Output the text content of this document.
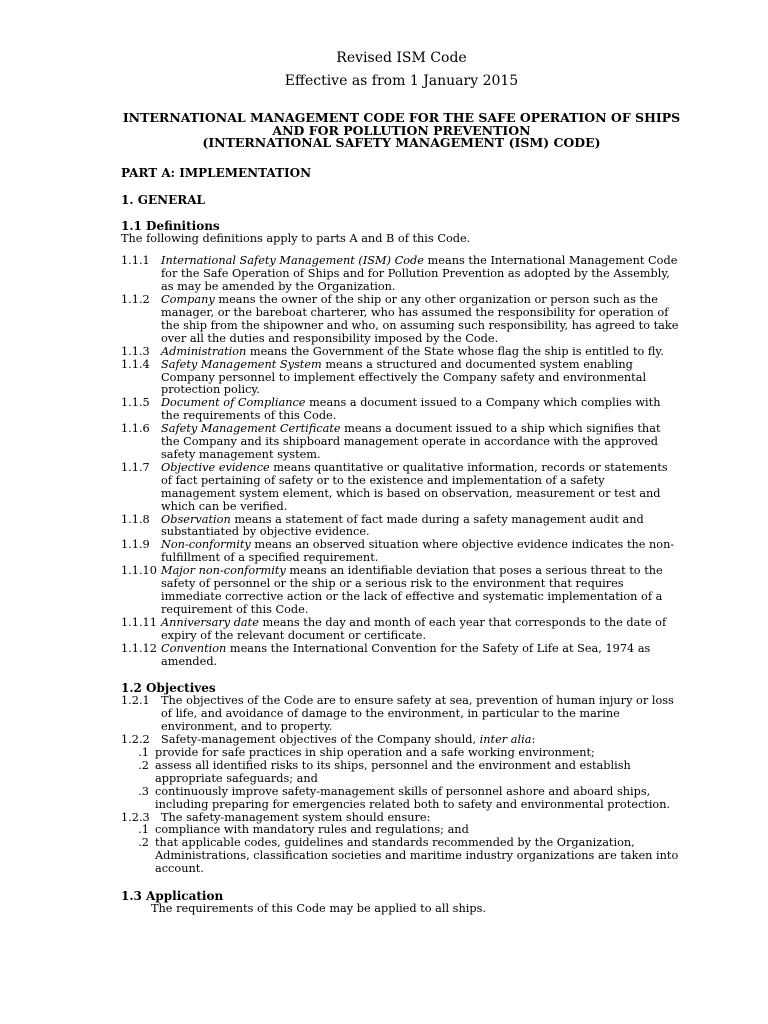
Revised ISM Code
Effective as from 1 January 2015
INTERNATIONAL MANAGEMENT CODE FOR THE SAFE OPERATION OF SHIPS
AND FOR POLLUTION PREVENTION
(INTERNATIONAL SAFETY MANAGEMENT (ISM) CODE)
PART A: IMPLEMENTATION
1. GENERAL
1.1 Definitions
The following definitions apply to parts A and B of this Code.
1.1.1 International Safety Management (ISM) Code means the International Management Code for the Safe Operation of Ships and for Pollution Prevention as adopted by the Assembly, as may be amended by the Organization.
1.1.2 Company means the owner of the ship or any other organization or person such as the manager, or the bareboat charterer, who has assumed the responsibility for operation of the ship from the shipowner and who, on assuming such responsibility, has agreed to take over all the duties and responsibility imposed by the Code.
1.1.3 Administration means the Government of the State whose flag the ship is entitled to fly.
1.1.4 Safety Management System means a structured and documented system enabling Company personnel to implement effectively the Company safety and environmental protection policy.
1.1.5 Document of Compliance means a document issued to a Company which complies with the requirements of this Code.
1.1.6 Safety Management Certificate means a document issued to a ship which signifies that the Company and its shipboard management operate in accordance with the approved safety management system.
1.1.7 Objective evidence means quantitative or qualitative information, records or statements of fact pertaining of safety or to the existence and implementation of a safety management system element, which is based on observation, measurement or test and which can be verified.
1.1.8 Observation means a statement of fact made during a safety management audit and substantiated by objective evidence.
1.1.9 Non-conformity means an observed situation where objective evidence indicates the non-fulfillment of a specified requirement.
1.1.10 Major non-conformity means an identifiable deviation that poses a serious threat to the safety of personnel or the ship or a serious risk to the environment that requires immediate corrective action or the lack of effective and systematic implementation of a requirement of this Code.
1.1.11 Anniversary date means the day and month of each year that corresponds to the date of expiry of the relevant document or certificate.
1.1.12 Convention means the International Convention for the Safety of Life at Sea, 1974 as amended.
1.2 Objectives
1.2.1 The objectives of the Code are to ensure safety at sea, prevention of human injury or loss of life, and avoidance of damage to the environment, in particular to the marine environment, and to property.
1.2.2 Safety-management objectives of the Company should, inter alia:
.1 provide for safe practices in ship operation and a safe working environment;
.2 assess all identified risks to its ships, personnel and the environment and establish appropriate safeguards; and
.3 continuously improve safety-management skills of personnel ashore and aboard ships, including preparing for emergencies related both to safety and environmental protection.
1.2.3 The safety-management system should ensure:
.1 compliance with mandatory rules and regulations; and
.2 that applicable codes, guidelines and standards recommended by the Organization, Administrations, classification societies and maritime industry organizations are taken into account.
1.3 Application
The requirements of this Code may be applied to all ships.
